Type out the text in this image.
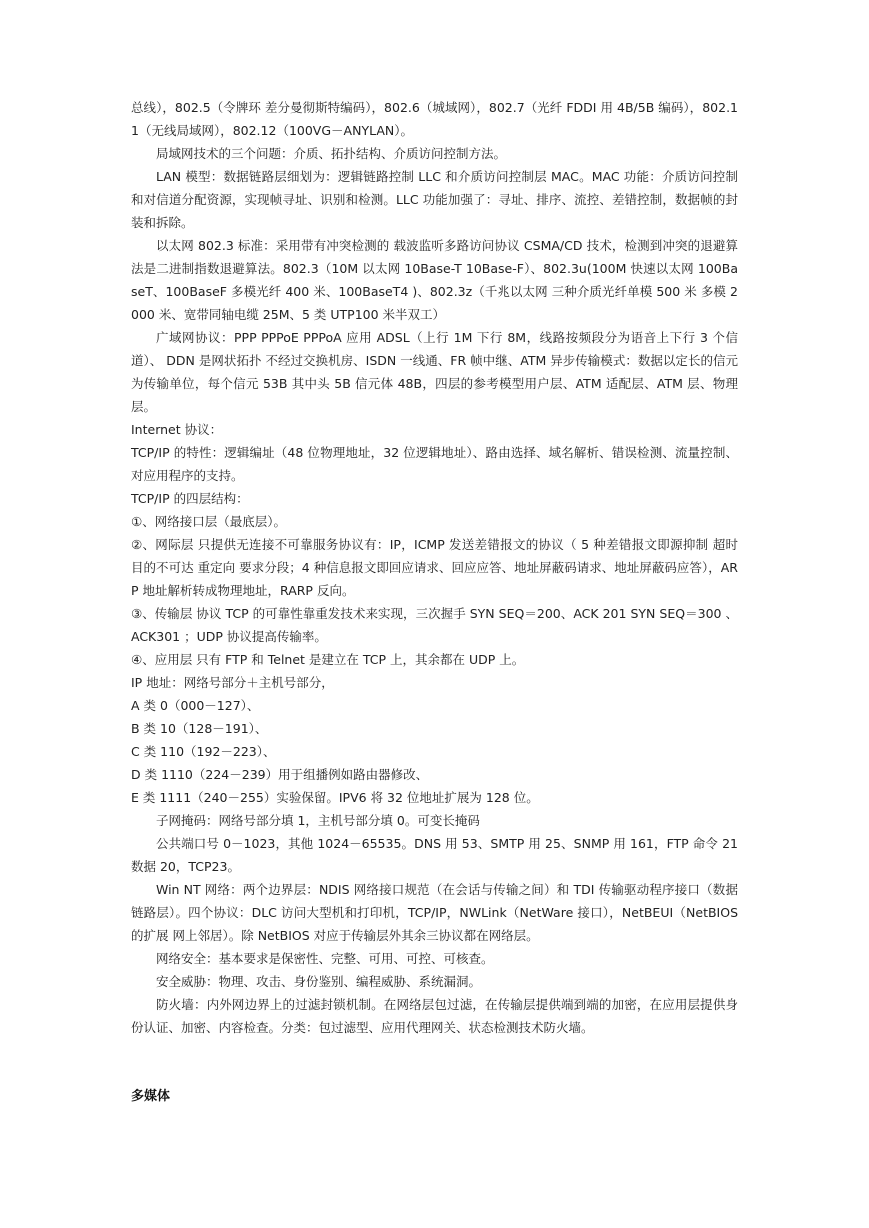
总线），802.5（令牌环 差分曼彻斯特编码），802.6（城域网），802.7（光纤 FDDI 用 4B/5B 编码），802.11（无线局域网），802.12（100VG－ANYLAN）。

局域网技术的三个问题：介质、拓扑结构、介质访问控制方法。

LAN 模型：数据链路层细划为：逻辑链路控制 LLC 和介质访问控制层 MAC。MAC 功能：介质访问控制和对信道分配资源，实现帧寻址、识别和检测。LLC 功能加强了：寻址、排序、流控、差错控制，数据帧的封装和拆除。

以太网 802.3 标准：采用带有冲突检测的 载波监听多路访问协议 CSMA/CD 技术，检测到冲突的退避算法是二进制指数退避算法。802.3（10M 以太网 10Base-T 10Base-F）、802.3u(100M 快速以太网 100BaseT、100BaseF 多模光纤 400 米、100BaseT4 )、802.3z（千兆以太网 三种介质光纤单模 500 米 多模 2000 米、宽带同轴电缆 25M、5 类 UTP100 米半双工）

广域网协议：PPP PPPoE PPPoA 应用 ADSL（上行 1M 下行 8M，线路按频段分为语音上下行 3 个信道）、 DDN 是网状拓扑 不经过交换机房、ISDN 一线通、FR 帧中继、ATM 异步传输模式：数据以定长的信元为传输单位，每个信元 53B 其中头 5B 信元体 48B，四层的参考模型用户层、ATM 适配层、ATM 层、物理层。

Internet 协议：

TCP/IP 的特性：逻辑编址（48 位物理地址，32 位逻辑地址）、路由选择、域名解析、错误检测、流量控制、对应用程序的支持。

TCP/IP 的四层结构：

①、网络接口层（最底层）。

②、网际层 只提供无连接不可靠服务协议有：IP，ICMP 发送差错报文的协议（ 5 种差错报文即源抑制 超时 目的不可达 重定向 要求分段；4 种信息报文即回应请求、回应应答、地址屏蔽码请求、地址屏蔽码应答），ARP 地址解析转成物理地址，RARP 反向。

③、传输层 协议 TCP 的可靠性靠重发技术来实现，三次握手 SYN SEQ＝200、ACK 201 SYN SEQ＝300 、ACK301 ；UDP 协议提高传输率。

④、应用层 只有 FTP 和 Telnet 是建立在 TCP 上，其余都在 UDP 上。

IP 地址：网络号部分＋主机号部分，

A 类 0（000－127）、

B 类 10（128－191）、

C 类 110（192－223）、

D 类 1110（224－239）用于组播例如路由器修改、

E 类 1111（240－255）实验保留。IPV6 将 32 位地址扩展为 128 位。

子网掩码：网络号部分填 1，主机号部分填 0。可变长掩码

公共端口号 0－1023，其他 1024－65535。DNS 用 53、SMTP 用 25、SNMP 用 161，FTP 命令 21 数据 20，TCP23。

Win NT 网络：两个边界层：NDIS 网络接口规范（在会话与传输之间）和 TDI 传输驱动程序接口（数据链路层）。四个协议：DLC 访问大型机和打印机，TCP/IP，NWLink（NetWare 接口），NetBEUI（NetBIOS 的扩展 网上邻居）。除 NetBIOS 对应于传输层外其余三协议都在网络层。

网络安全：基本要求是保密性、完整、可用、可控、可核查。

安全威胁：物理、攻击、身份鉴别、编程威胁、系统漏洞。

防火墙：内外网边界上的过滤封锁机制。在网络层包过滤，在传输层提供端到端的加密，在应用层提供身份认证、加密、内容检查。分类：包过滤型、应用代理网关、状态检测技术防火墙。

多媒体
